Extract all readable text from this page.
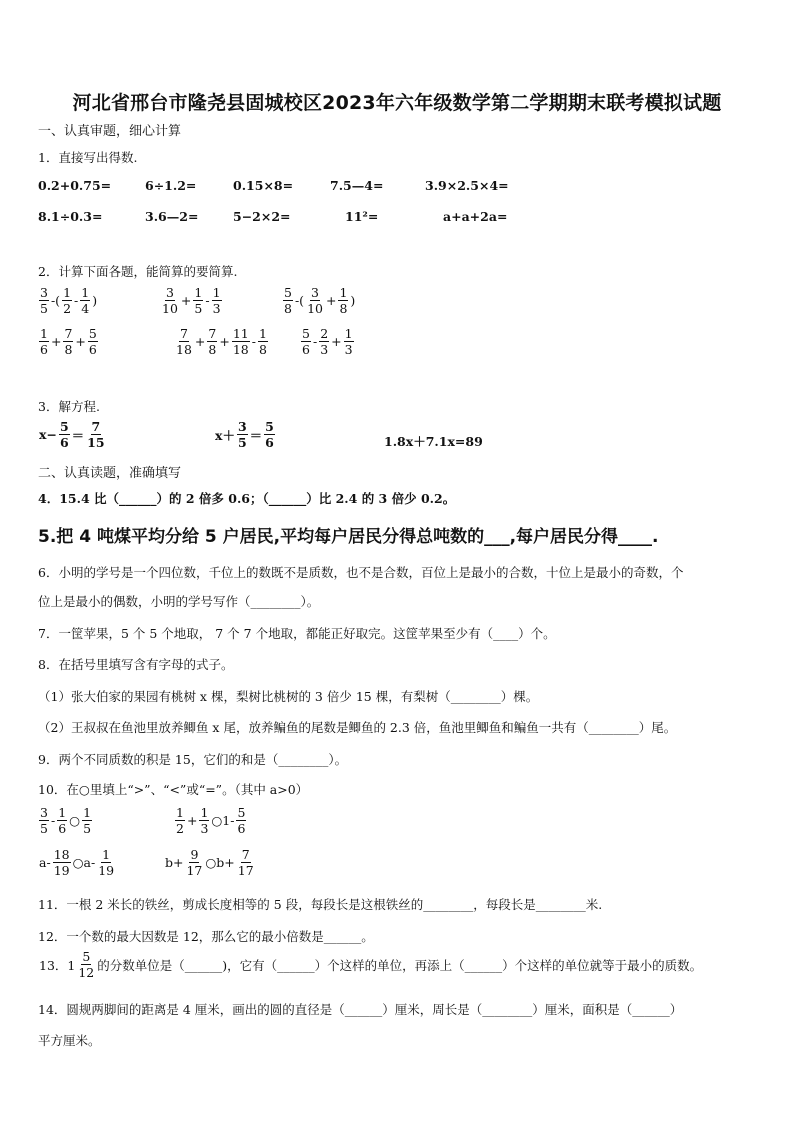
河北省邢台市隆尧县固城校区2023年六年级数学第二学期期末联考模拟试题
一、认真审题，细心计算
1．直接写出得数.
0.2+0.75=	6÷1.2=	0.15×8=	7.5—4=	3.9×2.5×4=
8.1÷0.3=	3.6—2=	5−2×2=	11²=	a+a+2a=
2．计算下面各题，能简算的要简算.
$\frac{3}{5}$ -( $\frac{1}{2} - \frac{1}{4}$ )	$\frac{3}{10} + \frac{1}{5} - \frac{1}{3}$	$\frac{5}{8}$ -( $\frac{3}{10} + \frac{1}{8}$ )
$\frac{1}{6} + \frac{7}{8} + \frac{5}{6}$	$\frac{7}{18} + \frac{7}{8} + \frac{11}{18} - \frac{1}{8}$	$\frac{5}{6} - \frac{2}{3} + \frac{1}{3}$
3．解方程.
$x- \frac{5}{6} = \frac{7}{15}$	$x+ \frac{3}{5} = \frac{5}{6}$	1.8x＋7.1x=89
二、认真读题，准确填写
4．15.4 比（______）的 2 倍多 0.6；（______）比 2.4 的 3 倍少 0.2。
5.把 4 吨煤平均分给 5 户居民,平均每户居民分得总吨数的___,每户居民分得____.
6．小明的学号是一个四位数，千位上的数既不是质数，也不是合数，百位上是最小的合数，十位上是最小的奇数，个
位上是最小的偶数，小明的学号写作（________）。
7．一筐苹果，5 个 5 个地取， 7 个 7 个地取，都能正好取完。这筐苹果至少有（____）个。
8．在括号里填写含有字母的式子。
（1）张大伯家的果园有桃树 x 棵，梨树比桃树的 3 倍少 15 棵，有梨树（________）棵。
（2）王叔叔在鱼池里放养鲫鱼 x 尾，放养鳊鱼的尾数是鲫鱼的 2.3 倍，鱼池里鲫鱼和鳊鱼一共有（________）尾。
9．两个不同质数的积是 15，它们的和是（________）。
10．在○里填上“>”、“<”或“=”。（其中 a>0）
$\frac{3}{5} - \frac{1}{6}$ ○ $\frac{1}{5}$	$\frac{1}{2} + \frac{1}{3}$ ○1- $\frac{5}{6}$
$a- \frac{18}{19}$ ○a- $\frac{1}{19}$	$b+ \frac{9}{17}$ ○b+ $\frac{7}{17}$
11．一根 2 米长的铁丝，剪成长度相等的 5 段，每段长是这根铁丝的________，每段长是________米.
12．一个数的最大因数是 12，那么它的最小倍数是______。
13．$1 \frac{5}{12}$ 的分数单位是（______)，它有（______）个这样的单位，再添上（______）个这样的单位就等于最小的质数。
14．圆规两脚间的距离是 4 厘米，画出的圆的直径是（______）厘米，周长是（________）厘米，面积是（______）
平方厘米。
